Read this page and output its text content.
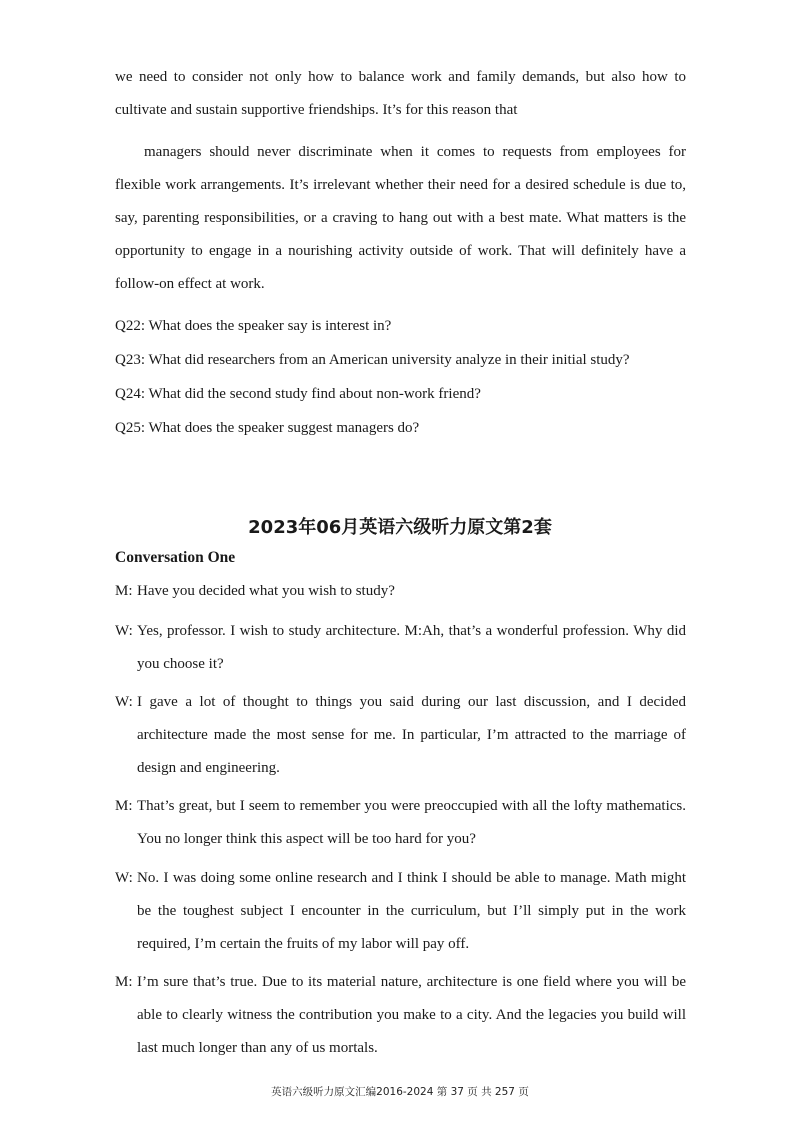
we need to consider not only how to balance work and family demands, but also how to cultivate and sustain supportive friendships. It’s for this reason that

managers should never discriminate when it comes to requests from employees for flexible work arrangements. It’s irrelevant whether their need for a desired schedule is due to, say, parenting responsibilities, or a craving to hang out with a best mate. What matters is the opportunity to engage in a nourishing activity outside of work. That will definitely have a follow-on effect at work.

Q22: What does the speaker say is interest in?

Q23: What did researchers from an American university analyze in their initial study?

Q24: What did the second study find about non-work friend?

Q25: What does the speaker suggest managers do?

2023年06月英语六级听力原文第2套
Conversation One
M: Have you decided what you wish to study?
W: Yes, professor. I wish to study architecture. M:Ah, that’s a wonderful profession. Why did you choose it?
W: I gave a lot of thought to things you said during our last discussion, and I decided architecture made the most sense for me. In particular, I’m attracted to the marriage of design and engineering.
M: That’s great, but I seem to remember you were preoccupied with all the lofty mathematics. You no longer think this aspect will be too hard for you?
W: No. I was doing some online research and I think I should be able to manage. Math might be the toughest subject I encounter in the curriculum, but I’ll simply put in the work required, I’m certain the fruits of my labor will pay off.
M: I’m sure that’s true. Due to its material nature, architecture is one field where you will be able to clearly witness the contribution you make to a city. And the legacies you build will last much longer than any of us mortals.

英语六级听力原文汇编2016-2024 第 37 页 共 257 页
